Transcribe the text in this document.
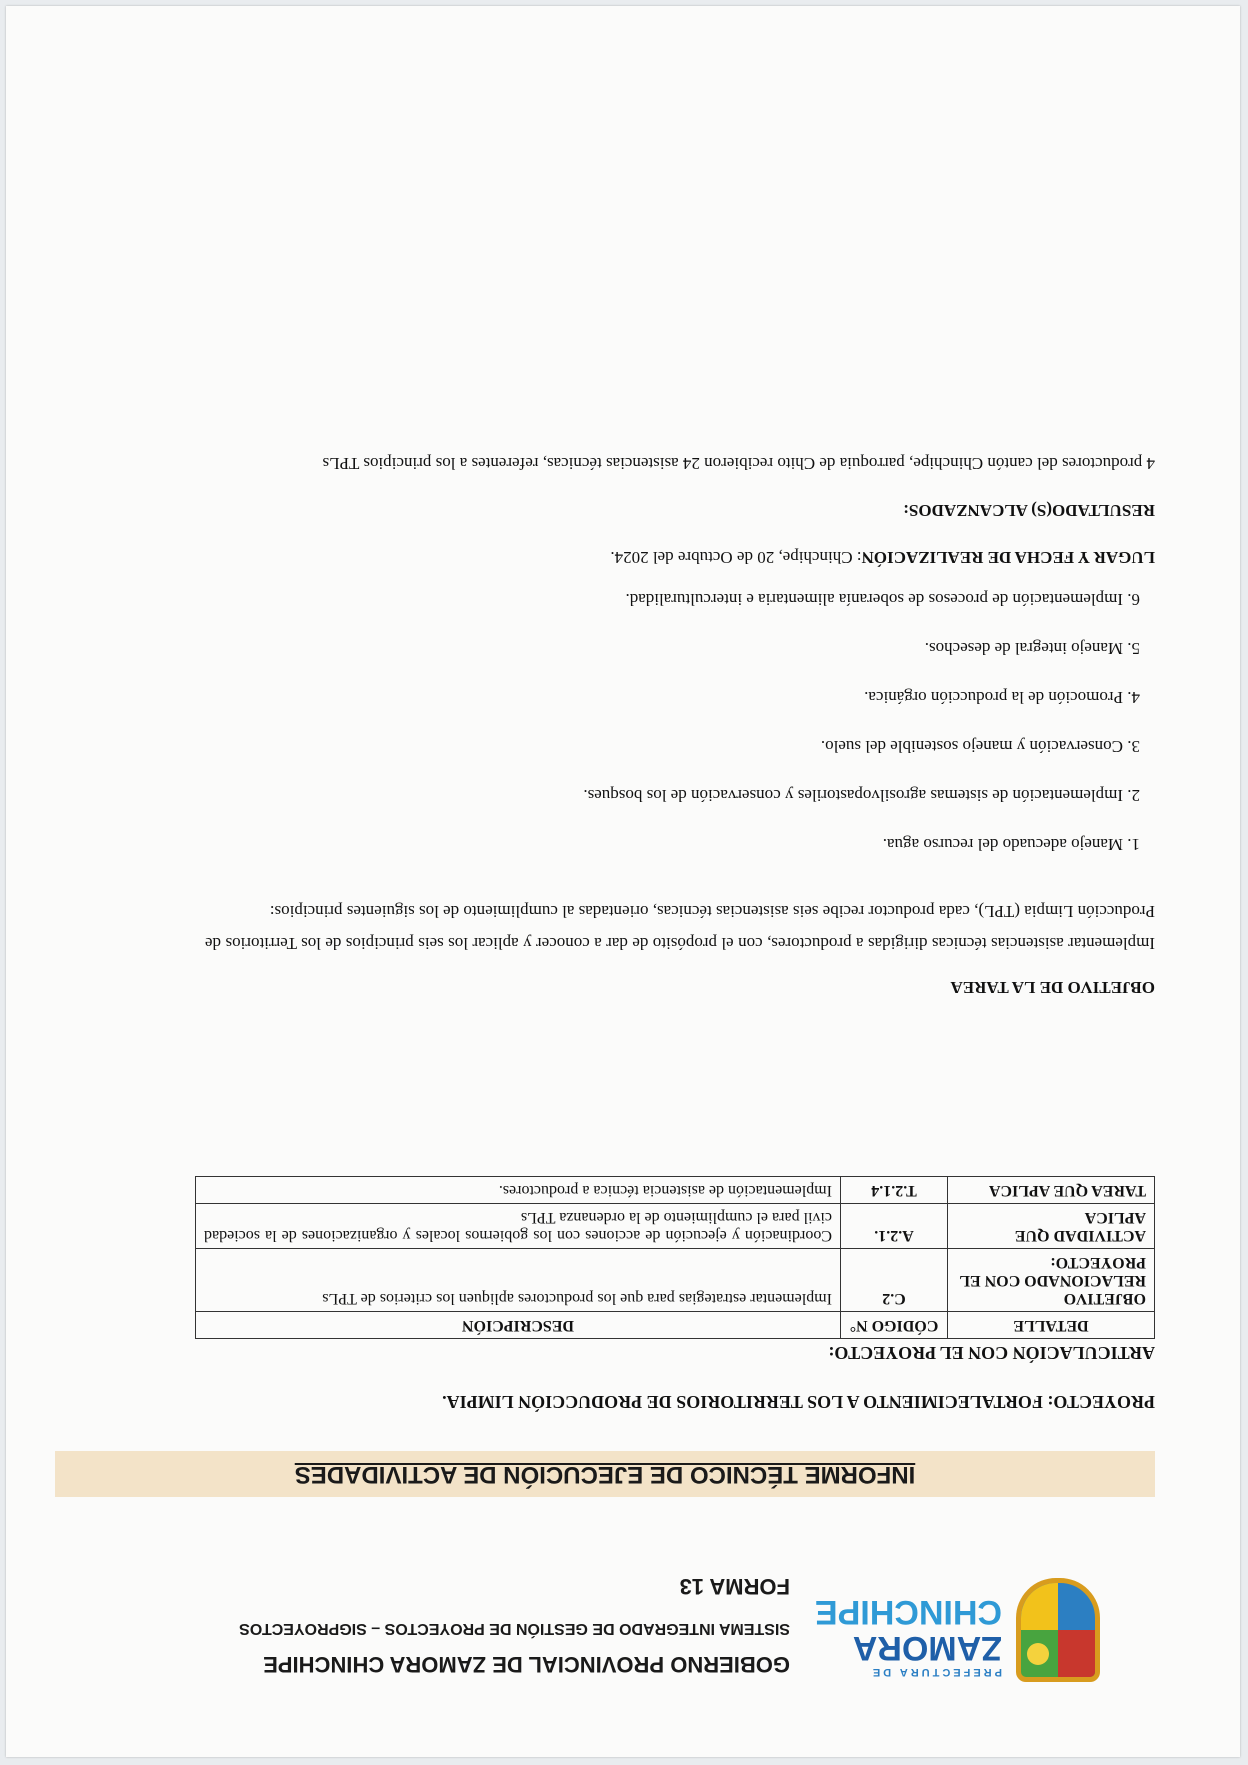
PREFECTURA DE
ZAMORA
CHINCHIPE
GOBIERNO PROVINCIAL DE ZAMORA CHINCHIPE
SISTEMA INTEGRADO DE GESTIÓN DE PROYECTOS – SIGPROYECTOS
FORMA 13
INFORME TÉCNICO DE EJECUCIÓN DE ACTIVIDADES
PROYECTO: FORTALECIMIENTO A LOS TERRITORIOS DE PRODUCCIÓN LIMPIA.
ARTICULACIÓN CON EL PROYECTO:
DETALLE	CÓDIGO N°	DESCRIPCIÓN
OBJETIVO RELACIONADO CON EL PROYECTO:	C.2	Implementar estrategias para que los productores apliquen los criterios de TPLs
ACTIVIDAD QUE APLICA	A.2.1.	Coordinación y ejecución de acciones con los gobiernos locales y organizaciones de la sociedad civil para el cumplimiento de la ordenanza TPLs
TAREA QUE APLICA	T.2.1.4	Implementación de asistencia técnica a productores.
OBJETIVO DE LA TAREA

Implementar asistencias técnicas dirigidas a productores, con el propósito de dar a conocer y aplicar los seis principios de los Territorios de Producción Limpia (TPL), cada productor recibe seis asistencias técnicas, orientadas al cumplimiento de los siguientes principios:

1. Manejo adecuado del recurso agua.
2. Implementación de sistemas agrosilvopastoriles y conservación de los bosques.
3. Conservación y manejo sostenible del suelo.
4. Promoción de la producción orgánica.
5. Manejo integral de desechos.
6. Implementación de procesos de soberanía alimentaria e interculturalidad.
LUGAR Y FECHA DE REALIZACIÓN: Chinchipe, 20 de Octubre del 2024.
RESULTADO(S) ALCANZADOS:

4 productores del cantón Chinchipe, parroquia de Chito recibieron 24 asistencias técnicas, referentes a los principios TPLs
